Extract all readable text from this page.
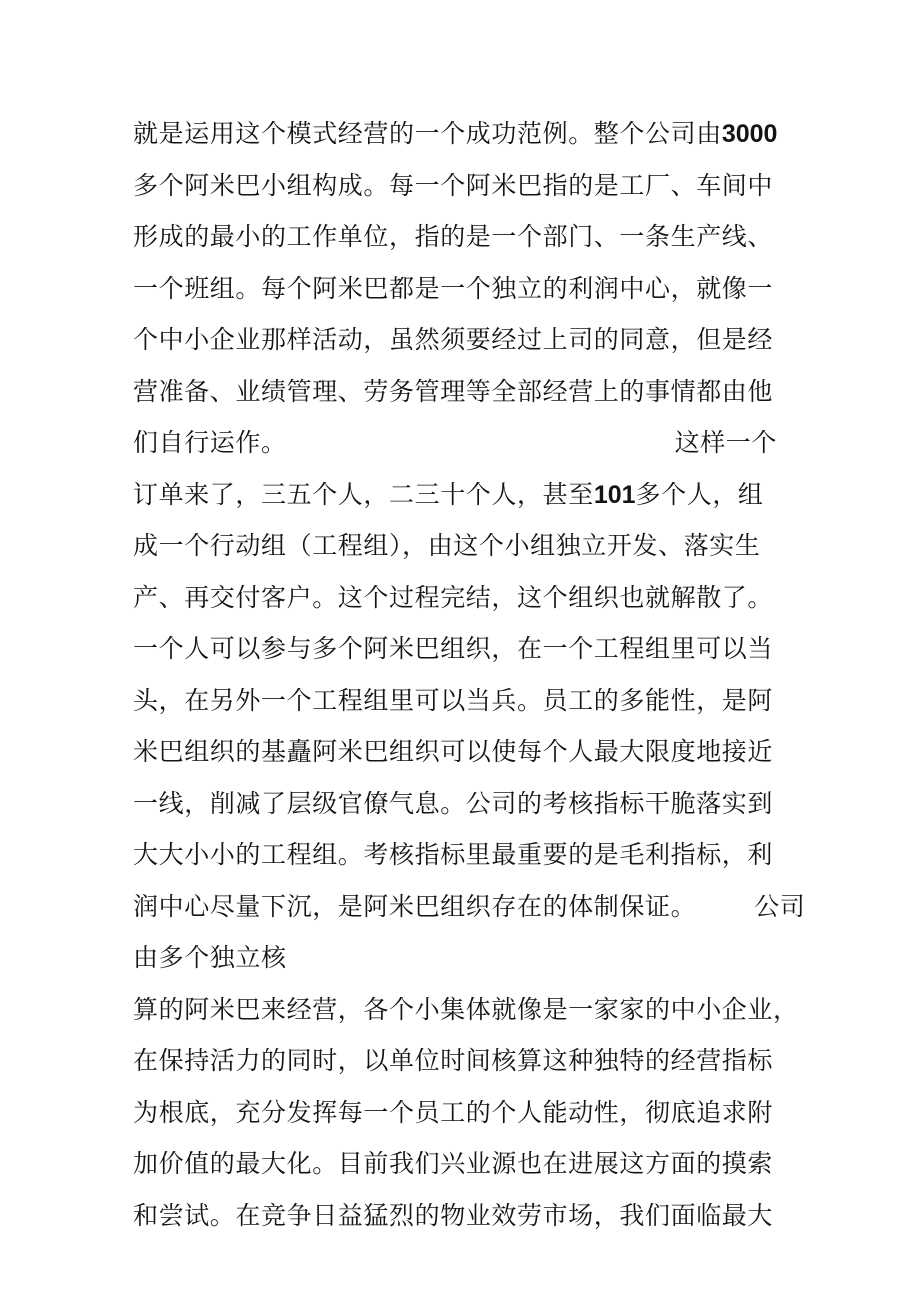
就是运用这个模式经营的一个成功范例。整个公司由3000
多个阿米巴小组构成。每一个阿米巴指的是工厂、车间中
形成的最小的工作单位，指的是一个部门、一条生产线、
一个班组。每个阿米巴都是一个独立的利润中心，就像一
个中小企业那样活动，虽然须要经过上司的同意，但是经
营准备、业绩管理、劳务管理等全部经营上的事情都由他
们自行运作。	这样一个
订单来了，三五个人，二三十个人，甚至101多个人，组
成一个行动组（工程组），由这个小组独立开发、落实生
产、再交付客户。这个过程完结，这个组织也就解散了。
一个人可以参与多个阿米巴组织，在一个工程组里可以当
头，在另外一个工程组里可以当兵。员工的多能性，是阿
米巴组织的基矗阿米巴组织可以使每个人最大限度地接近
一线，削减了层级官僚气息。公司的考核指标干脆落实到
大大小小的工程组。考核指标里最重要的是毛利指标，利
润中心尽量下沉，是阿米巴组织存在的体制保证。 公司
由多个独立核
算的阿米巴来经营，各个小集体就像是一家家的中小企业，
在保持活力的同时，以单位时间核算这种独特的经营指标
为根底，充分发挥每一个员工的个人能动性，彻底追求附
加价值的最大化。目前我们兴业源也在进展这方面的摸索
和尝试。在竞争日益猛烈的物业效劳市场，我们面临最大
